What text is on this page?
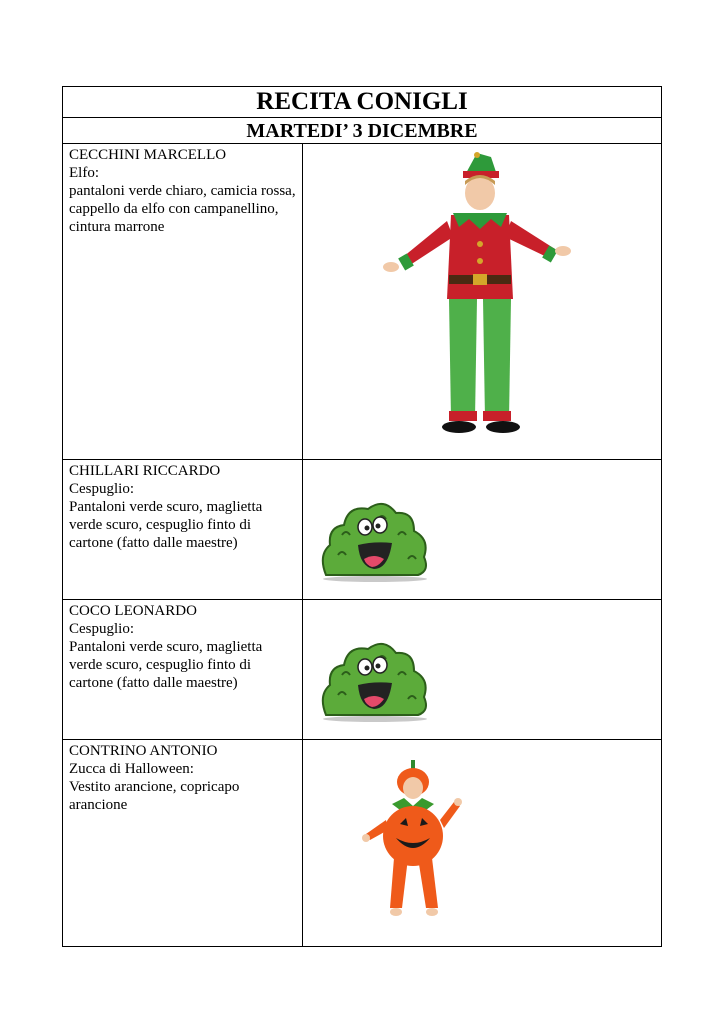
RECITA CONIGLI
MARTEDI’ 3 DICEMBRE
CECCHINI MARCELLO
Elfo:
pantaloni verde chiaro, camicia rossa, cappello da elfo con campanellino, cintura marrone
CHILLARI RICCARDO
Cespuglio:
Pantaloni verde scuro, maglietta verde scuro, cespuglio finto di cartone (fatto dalle maestre)
COCO LEONARDO
Cespuglio:
Pantaloni verde scuro, maglietta verde scuro, cespuglio finto di cartone (fatto dalle maestre)
CONTRINO ANTONIO
Zucca di Halloween:
Vestito arancione, copricapo arancione
